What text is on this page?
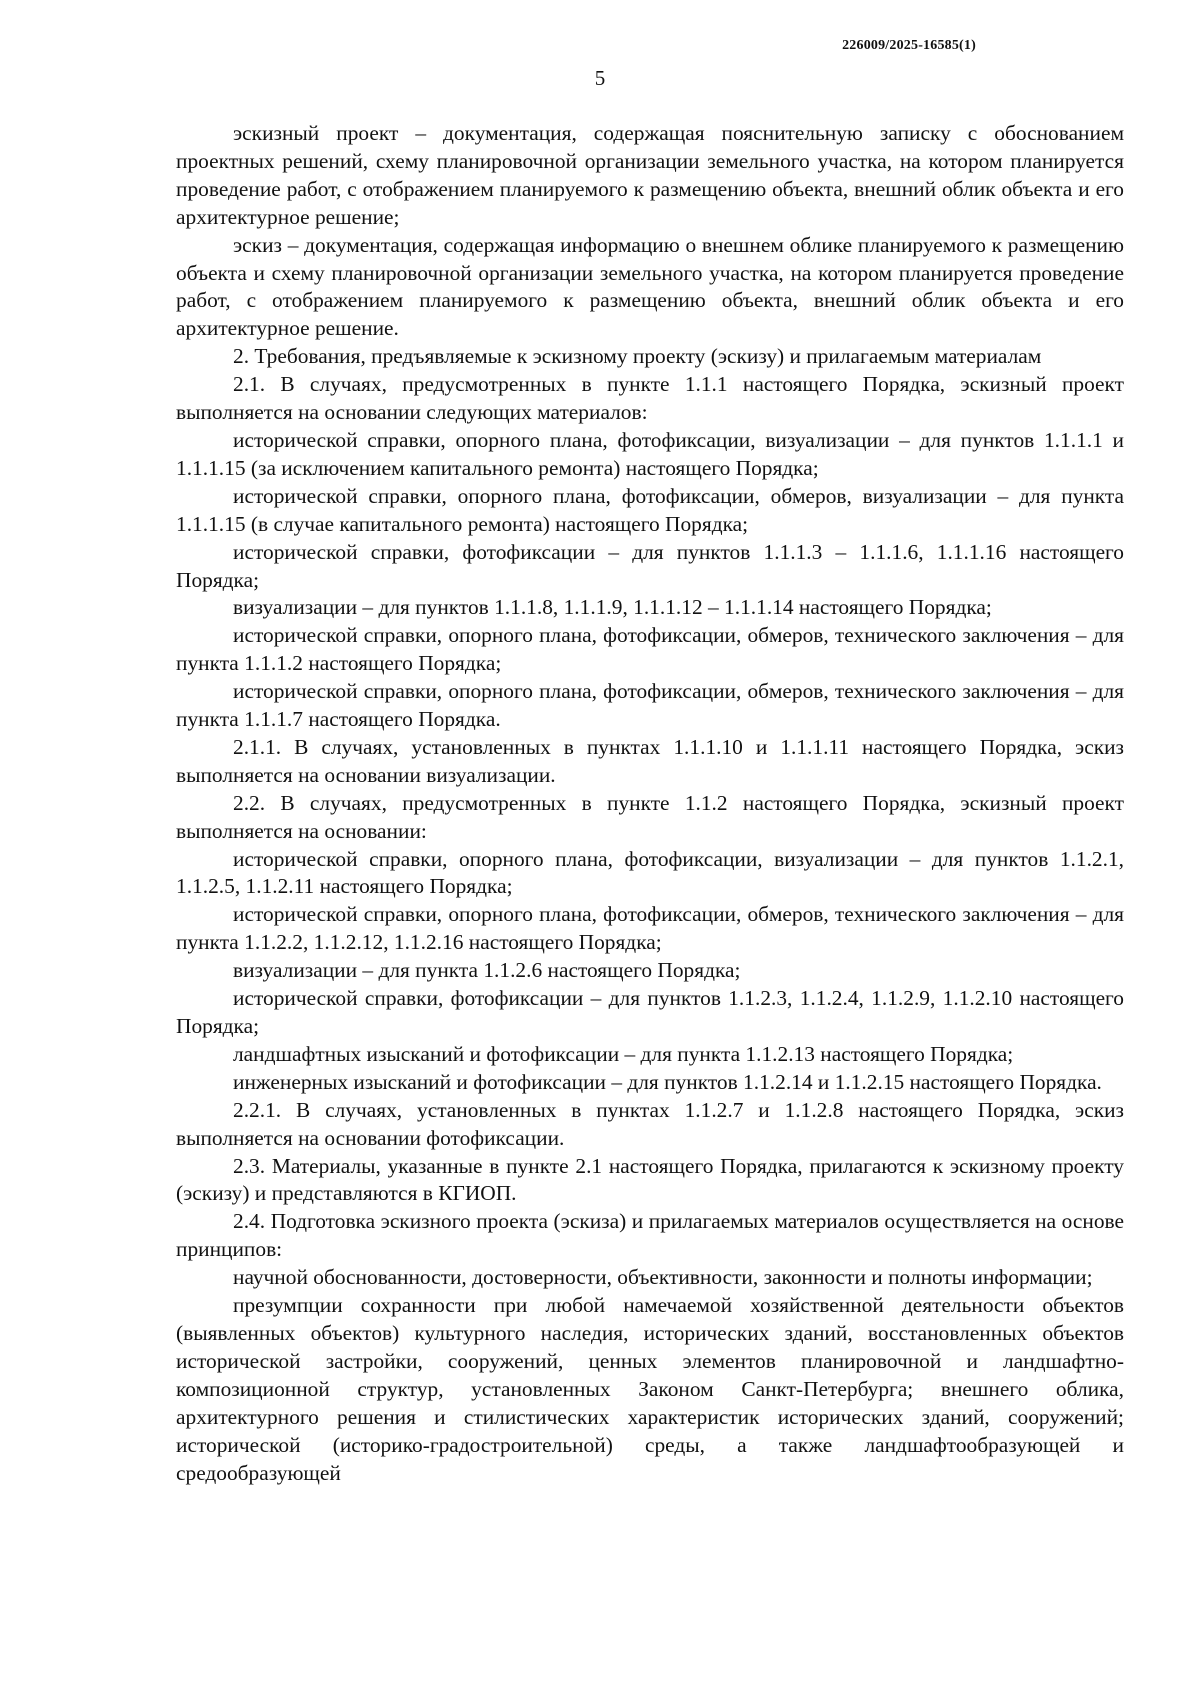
226009/2025-16585(1)
5

эскизный проект – документация, содержащая пояснительную записку с обоснованием проектных решений, схему планировочной организации земельного участка, на котором планируется проведение работ, с отображением планируемого к размещению объекта, внешний облик объекта и его архитектурное решение;

эскиз – документация, содержащая информацию о внешнем облике планируемого к размещению объекта и схему планировочной организации земельного участка, на котором планируется проведение работ, с отображением планируемого к размещению объекта, внешний облик объекта и его архитектурное решение.

2. Требования, предъявляемые к эскизному проекту (эскизу) и прилагаемым материалам

2.1. В случаях, предусмотренных в пункте 1.1.1 настоящего Порядка, эскизный проект выполняется на основании следующих материалов:

исторической справки, опорного плана, фотофиксации, визуализации – для пунктов 1.1.1.1 и 1.1.1.15 (за исключением капитального ремонта) настоящего Порядка;

исторической справки, опорного плана, фотофиксации, обмеров, визуализации – для пункта 1.1.1.15 (в случае капитального ремонта) настоящего Порядка;

исторической справки, фотофиксации – для пунктов 1.1.1.3 – 1.1.1.6, 1.1.1.16 настоящего Порядка;

визуализации – для пунктов 1.1.1.8, 1.1.1.9, 1.1.1.12 – 1.1.1.14 настоящего Порядка;

исторической справки, опорного плана, фотофиксации, обмеров, технического заключения – для пункта 1.1.1.2 настоящего Порядка;

исторической справки, опорного плана, фотофиксации, обмеров, технического заключения – для пункта 1.1.1.7 настоящего Порядка.

2.1.1. В случаях, установленных в пунктах 1.1.1.10 и 1.1.1.11 настоящего Порядка, эскиз выполняется на основании визуализации.

2.2. В случаях, предусмотренных в пункте 1.1.2 настоящего Порядка, эскизный проект выполняется на основании:

исторической справки, опорного плана, фотофиксации, визуализации – для пунктов 1.1.2.1, 1.1.2.5, 1.1.2.11 настоящего Порядка;

исторической справки, опорного плана, фотофиксации, обмеров, технического заключения – для пункта 1.1.2.2, 1.1.2.12, 1.1.2.16 настоящего Порядка;

визуализации – для пункта 1.1.2.6 настоящего Порядка;

исторической справки, фотофиксации – для пунктов 1.1.2.3, 1.1.2.4, 1.1.2.9, 1.1.2.10 настоящего Порядка;

ландшафтных изысканий и фотофиксации – для пункта 1.1.2.13 настоящего Порядка;

инженерных изысканий и фотофиксации – для пунктов 1.1.2.14 и 1.1.2.15 настоящего Порядка.

2.2.1. В случаях, установленных в пунктах 1.1.2.7 и 1.1.2.8 настоящего Порядка, эскиз выполняется на основании фотофиксации.

2.3. Материалы, указанные в пункте 2.1 настоящего Порядка, прилагаются к эскизному проекту (эскизу) и представляются в КГИОП.

2.4. Подготовка эскизного проекта (эскиза) и прилагаемых материалов осуществляется на основе принципов:

научной обоснованности, достоверности, объективности, законности и полноты информации;

презумпции сохранности при любой намечаемой хозяйственной деятельности объектов (выявленных объектов) культурного наследия, исторических зданий, восстановленных объектов исторической застройки, сооружений, ценных элементов планировочной и ландшафтно-композиционной структур, установленных Законом Санкт-Петербурга; внешнего облика, архитектурного решения и стилистических характеристик исторических зданий, сооружений; исторической (историко-градостроительной) среды, а также ландшафтообразующей и средообразующей
